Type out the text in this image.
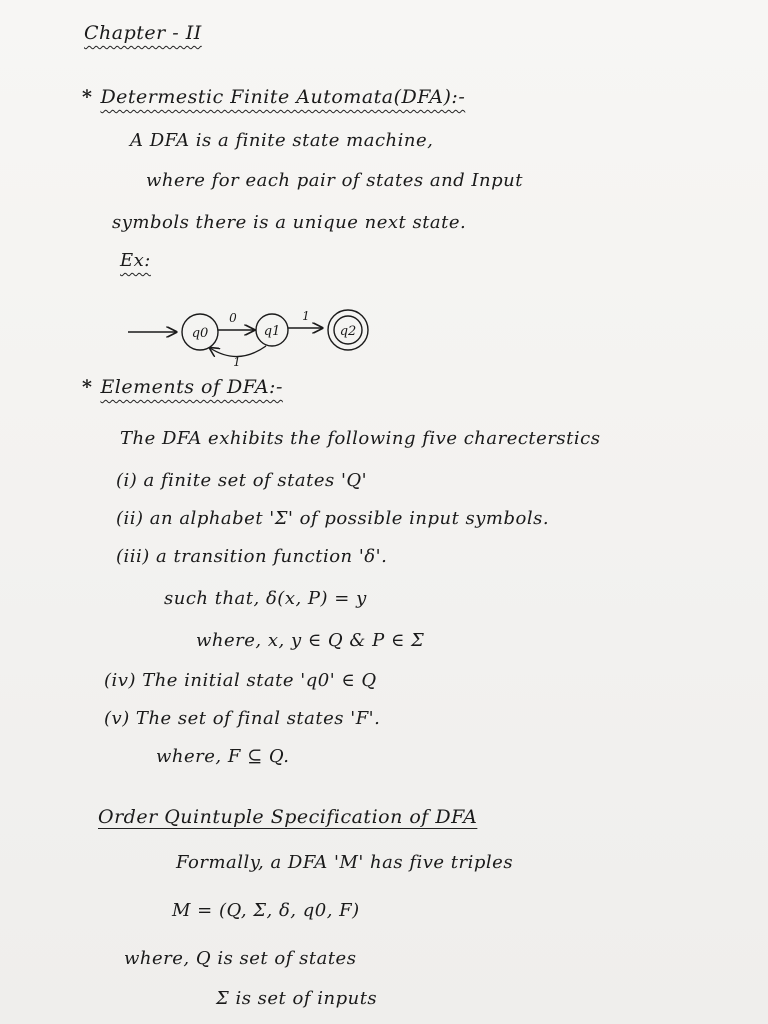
Chapter - II
* Determestic Finite Automata(DFA):-
A DFA is a finite state machine,
where for each pair of states and Input
symbols there is a unique next state.
Ex:
q0
0
q1
1
1
q2
* Elements of DFA:-
The DFA exhibits the following five charecterstics
(i) a finite set of states 'Q'
(ii) an alphabet 'Σ' of possible input symbols.
(iii) a transition function 'δ'.
such that, δ(x, P) = y
where, x, y ∈ Q & P ∈ Σ
(iv) The initial state 'q0' ∈ Q
(v) The set of final states 'F'.
where, F ⊆ Q.
Order Quintuple Specification of DFA
Formally, a DFA 'M' has five triples
M = (Q, Σ, δ, q0, F)
where, Q is set of states
Σ is set of inputs
